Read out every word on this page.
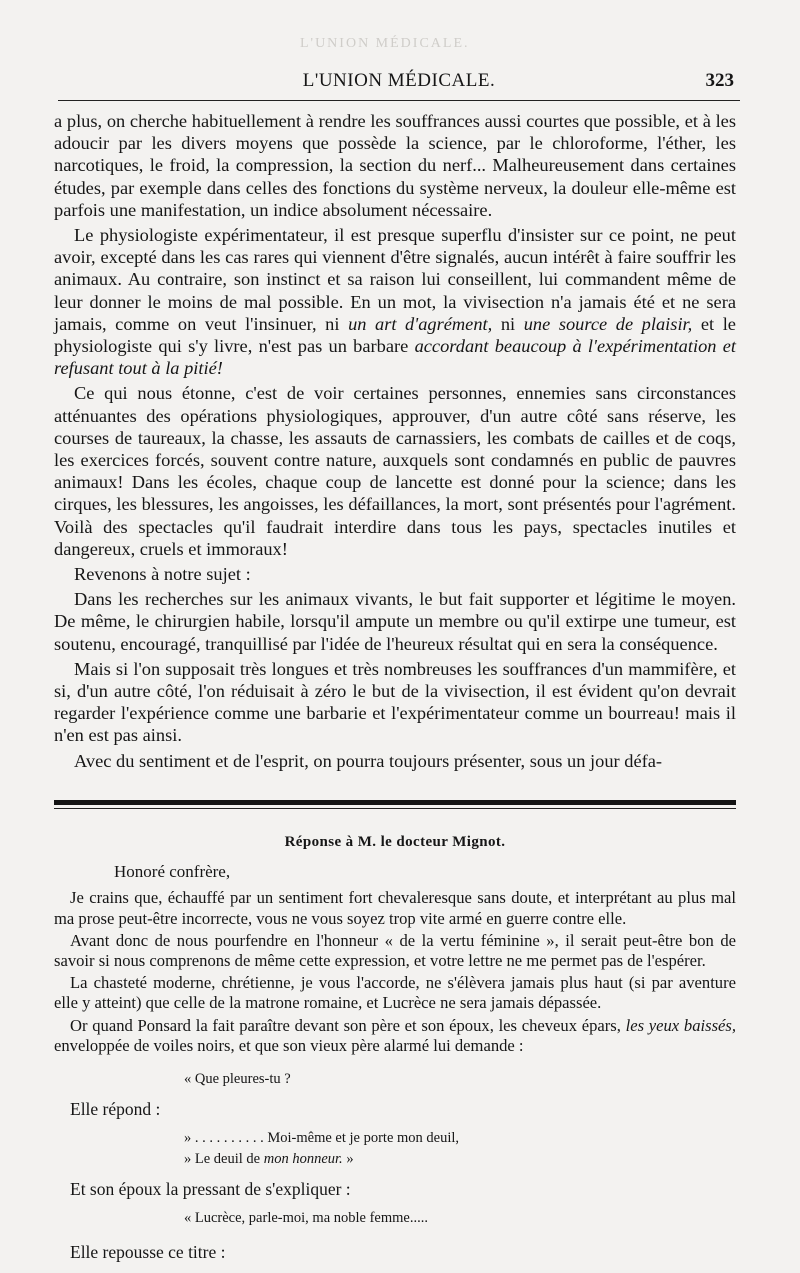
L'UNION MÉDICALE.
L'UNION MÉDICALE.	323

a plus, on cherche habituellement à rendre les souffrances aussi courtes que possible, et à les adoucir par les divers moyens que possède la science, par le chloroforme, l'éther, les narcotiques, le froid, la compression, la section du nerf... Malheureusement dans certaines études, par exemple dans celles des fonctions du système nerveux, la douleur elle-même est parfois une manifestation, un indice absolument nécessaire.

Le physiologiste expérimentateur, il est presque superflu d'insister sur ce point, ne peut avoir, excepté dans les cas rares qui viennent d'être signalés, aucun intérêt à faire souffrir les animaux. Au contraire, son instinct et sa raison lui conseillent, lui commandent même de leur donner le moins de mal possible. En un mot, la vivisection n'a jamais été et ne sera jamais, comme on veut l'insinuer, ni un art d'agrément, ni une source de plaisir, et le physiologiste qui s'y livre, n'est pas un barbare accordant beaucoup à l'expérimentation et refusant tout à la pitié!

Ce qui nous étonne, c'est de voir certaines personnes, ennemies sans circonstances atténuantes des opérations physiologiques, approuver, d'un autre côté sans réserve, les courses de taureaux, la chasse, les assauts de carnassiers, les combats de cailles et de coqs, les exercices forcés, souvent contre nature, auxquels sont condamnés en public de pauvres animaux! Dans les écoles, chaque coup de lancette est donné pour la science; dans les cirques, les blessures, les angoisses, les défaillances, la mort, sont présentés pour l'agrément. Voilà des spectacles qu'il faudrait interdire dans tous les pays, spectacles inutiles et dangereux, cruels et immoraux!

Revenons à notre sujet :

Dans les recherches sur les animaux vivants, le but fait supporter et légitime le moyen. De même, le chirurgien habile, lorsqu'il ampute un membre ou qu'il extirpe une tumeur, est soutenu, encouragé, tranquillisé par l'idée de l'heureux résultat qui en sera la conséquence.

Mais si l'on supposait très longues et très nombreuses les souffrances d'un mammifère, et si, d'un autre côté, l'on réduisait à zéro le but de la vivisection, il est évident qu'on devrait regarder l'expérience comme une barbarie et l'expérimentateur comme un bourreau! mais il n'en est pas ainsi.

Avec du sentiment et de l'esprit, on pourra toujours présenter, sous un jour défa-

Réponse à M. le docteur Mignot.

Honoré confrère,

Je crains que, échauffé par un sentiment fort chevaleresque sans doute, et interprétant au plus mal ma prose peut-être incorrecte, vous ne vous soyez trop vite armé en guerre contre elle.

Avant donc de nous pourfendre en l'honneur « de la vertu féminine », il serait peut-être bon de savoir si nous comprenons de même cette expression, et votre lettre ne me permet pas de l'espérer.

La chasteté moderne, chrétienne, je vous l'accorde, ne s'élèvera jamais plus haut (si par aventure elle y atteint) que celle de la matrone romaine, et Lucrèce ne sera jamais dépassée.

Or quand Ponsard la fait paraître devant son père et son époux, les cheveux épars, les yeux baissés, enveloppée de voiles noirs, et que son vieux père alarmé lui demande :

« Que pleures-tu ?

Elle répond :

» . . . . . . . . . . Moi-même et je porte mon deuil,

» Le deuil de mon honneur. »

Et son époux la pressant de s'expliquer :

« Lucrèce, parle-moi, ma noble femme.....

Elle repousse ce titre :
